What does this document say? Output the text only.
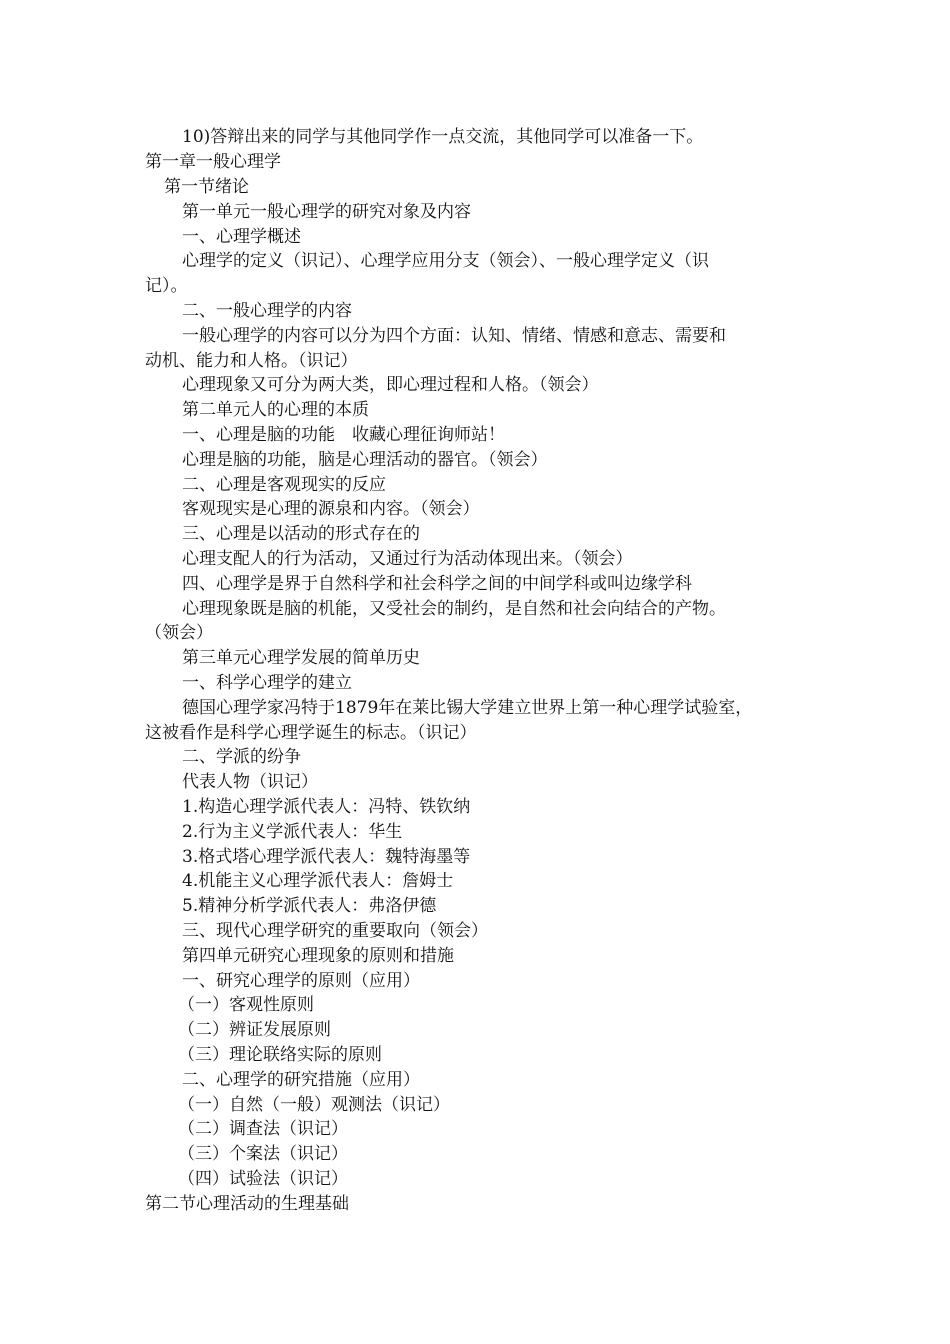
10)答辩出来的同学与其他同学作一点交流，其他同学可以准备一下。
第一章一般心理学
第一节绪论
第一单元一般心理学的研究对象及内容
一、心理学概述
心理学的定义（识记）、心理学应用分支（领会）、一般心理学定义（识
记）。
二、一般心理学的内容
一般心理学的内容可以分为四个方面：认知、情绪、情感和意志、需要和
动机、能力和人格。（识记）
心理现象又可分为两大类，即心理过程和人格。（领会）
第二单元人的心理的本质
一、心理是脑的功能　收藏心理征询师站！
心理是脑的功能，脑是心理活动的器官。（领会）
二、心理是客观现实的反应
客观现实是心理的源泉和内容。（领会）
三、心理是以活动的形式存在的
心理支配人的行为活动，又通过行为活动体现出来。（领会）
四、心理学是界于自然科学和社会科学之间的中间学科或叫边缘学科
心理现象既是脑的机能，又受社会的制约，是自然和社会向结合的产物。
（领会）
第三单元心理学发展的简单历史
一、科学心理学的建立
德国心理学家冯特于1879年在莱比锡大学建立世界上第一种心理学试验室，
这被看作是科学心理学诞生的标志。（识记）
二、学派的纷争
代表人物（识记）
1.构造心理学派代表人：冯特、铁钦纳
2.行为主义学派代表人：华生
3.格式塔心理学派代表人：魏特海墨等
4.机能主义心理学派代表人：詹姆士
5.精神分析学派代表人：弗洛伊德
三、现代心理学研究的重要取向（领会）
第四单元研究心理现象的原则和措施
一、研究心理学的原则（应用）
（一）客观性原则
（二）辨证发展原则
（三）理论联络实际的原则
二、心理学的研究措施（应用）
（一）自然（一般）观测法（识记）
（二）调查法（识记）
（三）个案法（识记）
（四）试验法（识记）
第二节心理活动的生理基础
